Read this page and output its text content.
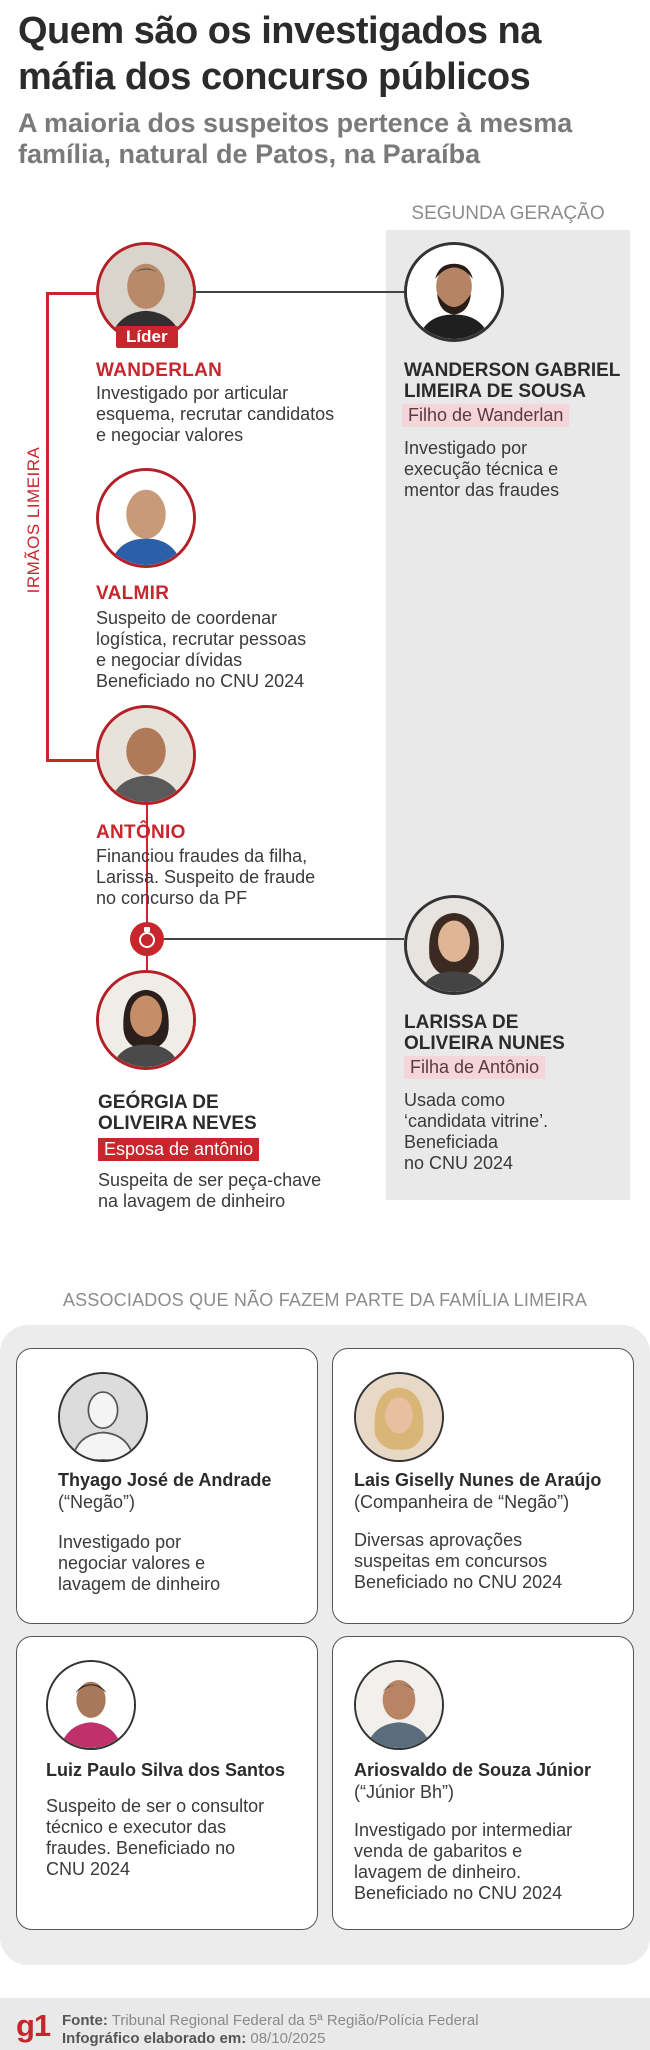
Quem são os investigados na máfia dos concurso públicos
A maioria dos suspeitos pertence à mesma família, natural de Patos, na Paraíba
SEGUNDA GERAÇÃO
IRMÃOS LIMEIRA
Líder
WANDERLAN
Investigado por articular
esquema, recrutar candidatos
e negociar valores
VALMIR
Suspeito de coordenar
logística, recrutar pessoas
e negociar dívidas
Beneficiado no CNU 2024
ANTÔNIO
Financiou fraudes da filha,
Larissa. Suspeito de fraude
no concurso da PF
GEÓRGIA DE
OLIVEIRA NEVES
Esposa de antônio
Suspeita de ser peça-chave
na lavagem de dinheiro
WANDERSON GABRIEL
LIMEIRA DE SOUSA
Filho de Wanderlan
Investigado por
execução técnica e
mentor das fraudes
LARISSA DE
OLIVEIRA NUNES
Filha de Antônio
Usada como
‘candidata vitrine’.
Beneficiada
no CNU 2024
ASSOCIADOS QUE NÃO FAZEM PARTE DA FAMÍLIA LIMEIRA
Thyago José de Andrade
(“Negão”)
Investigado por
negociar valores e
lavagem de dinheiro
Lais Giselly Nunes de Araújo
(Companheira de “Negão”)
Diversas aprovações
suspeitas em concursos
Beneficiado no CNU 2024
Luiz Paulo Silva dos Santos
Suspeito de ser o consultor
técnico e executor das
fraudes. Beneficiado no
CNU 2024
Ariosvaldo de Souza Júnior
(“Júnior Bh”)
Investigado por intermediar
venda de gabaritos e
lavagem de dinheiro.
Beneficiado no CNU 2024
g1 Fonte: Tribunal Regional Federal da 5ª Região/Polícia Federal
Infográfico elaborado em: 08/10/2025
